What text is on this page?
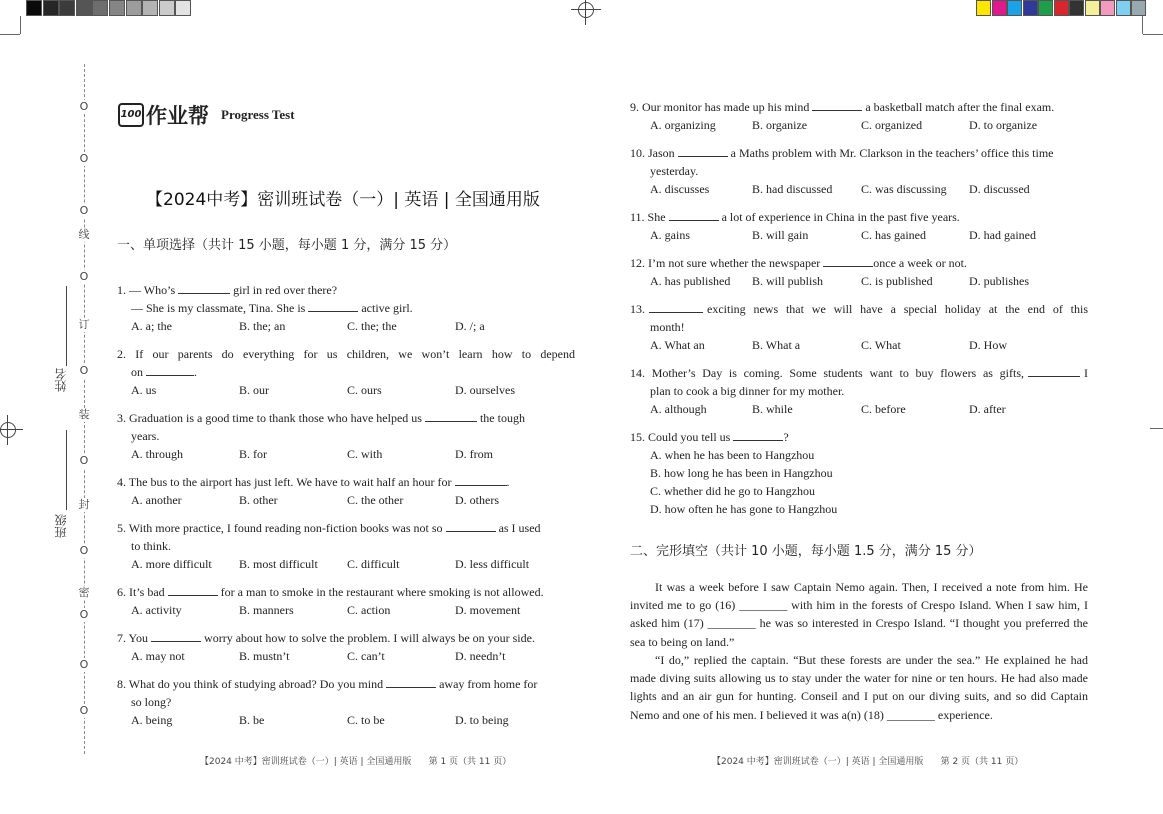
O
O
O
线
O
订
O
装
O
封
O
密
O
O
O
姓名
班级
100 作业帮 Progress Test
【2024中考】密训班试卷（一）| 英语 | 全国通用版
一、单项选择（共计 15 小题，每小题 1 分，满分 15 分）
1. — Who’s	girl in red over there?
— She is my classmate, Tina. She is	active girl.
A. a; the	B. the; an	C. the; the	D. /; a
2. If our parents do everything for us children, we won’t learn how to depend
on	.
A. us	B. our	C. ours	D. ourselves
3. Graduation is a good time to thank those who have helped us	the tough
years.
A. through	B. for	C. with	D. from
4. The bus to the airport has just left. We have to wait half an hour for	.
A. another	B. other	C. the other	D. others
5. With more practice, I found reading non-fiction books was not so	as I used
to think.
A. more difficult B. most difficult C. difficult	D. less difficult
6. It’s bad	for a man to smoke in the restaurant where smoking is not allowed.
A. activity	B. manners	C. action	D. movement
7. You	worry about how to solve the problem. I will always be on your side.
A. may not	B. mustn’t	C. can’t	D. needn’t
8. What do you think of studying abroad? Do you mind	away from home for
so long?
A. being	B. be	C. to be	D. to being
9. Our monitor has made up his mind	a basketball match after the final exam.
A. organizing	B. organize	C. organized	D. to organize
10. Jason	a Maths problem with Mr. Clarkson in the teachers’ office this time
yesterday.
A. discusses	B. had discussed C. was discussing D. discussed
11. She	a lot of experience in China in the past five years.
A. gains	B. will gain	C. has gained	D. had gained
12. I’m not sure whether the newspaper	once a week or not.
A. has published B. will publish	C. is published	D. publishes
13.	exciting news that we will have a special holiday at the end of this
month!
A. What an	B. What a	C. What	D. How
14. Mother’s Day is coming. Some students want to buy flowers as gifts,	I
plan to cook a big dinner for my mother.
A. although	B. while	C. before	D. after
15. Could you tell us	?
A. when he has been to Hangzhou
B. how long he has been in Hangzhou
C. whether did he go to Hangzhou
D. how often he has gone to Hangzhou
二、完形填空（共计 10 小题，每小题 1.5 分，满分 15 分）
It was a week before I saw Captain Nemo again. Then, I received a note from him. He invited me to go (16) ________ with him in the forests of Crespo Island. When I saw him, I asked him (17) ________ he was so interested in Crespo Island. “I thought you preferred the sea to being on land.”
“I do,” replied the captain. “But these forests are under the sea.” He explained he had made diving suits allowing us to stay under the water for nine or ten hours. He had also made lights and an air gun for hunting. Conseil and I put on our diving suits, and so did Captain Nemo and one of his men. I believed it was a(n) (18) ________ experience.
【2024 中考】密训班试卷（一）| 英语 | 全国通用版 第 1 页（共 11 页）	【2024 中考】密训班试卷（一）| 英语 | 全国通用版 第 2 页（共 11 页）
